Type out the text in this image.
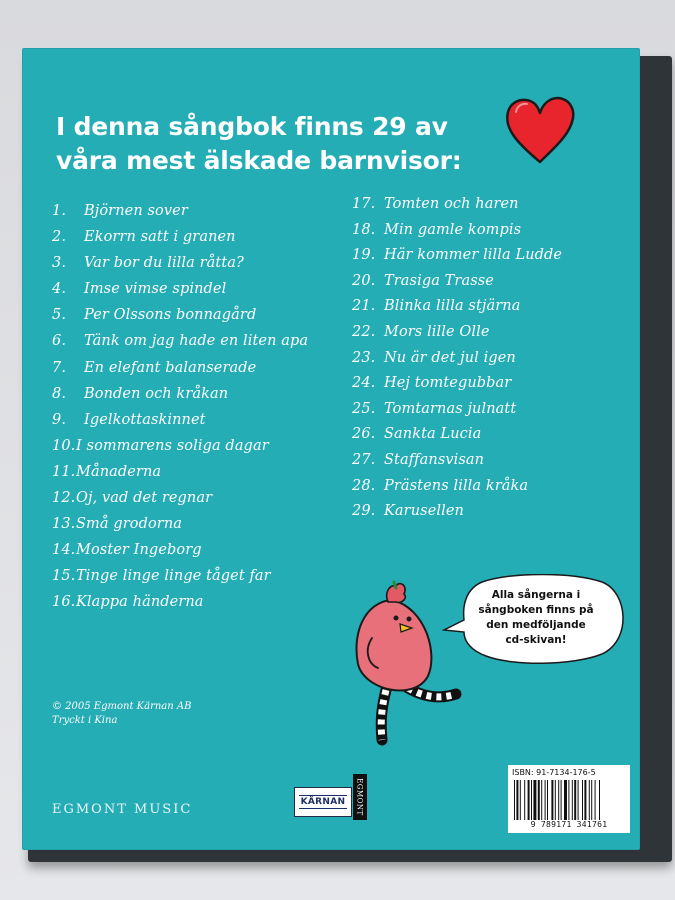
I denna sångbok finns 29 av
våra mest älskade barnvisor:
1. Björnen sover
2. Ekorrn satt i granen
3. Var bor du lilla råtta?
4. Imse vimse spindel
5. Per Olssons bonnagård
6. Tänk om jag hade en liten apa
7. En elefant balanserade
8. Bonden och kråkan
9. Igelkottaskinnet
10.I sommarens soliga dagar
11.Månaderna
12.Oj, vad det regnar
13.Små grodorna
14.Moster Ingeborg
15.Tinge linge linge tåget far
16.Klappa händerna
17. Tomten och haren
18. Min gamle kompis
19. Här kommer lilla Ludde
20. Trasiga Trasse
21. Blinka lilla stjärna
22. Mors lille Olle
23. Nu är det jul igen
24. Hej tomtegubbar
25. Tomtarnas julnatt
26. Sankta Lucia
27. Staffansvisan
28. Prästens lilla kråka
29. Karusellen
Alla sångerna i
sångboken finns på
den medföljande
cd-skivan!
© 2005 Egmont Kärnan AB
Tryckt i Kina
EGMONT MUSIC	KÄRNAN EGMONT
ISBN: 91-7134-176-5
9 789171 341761
